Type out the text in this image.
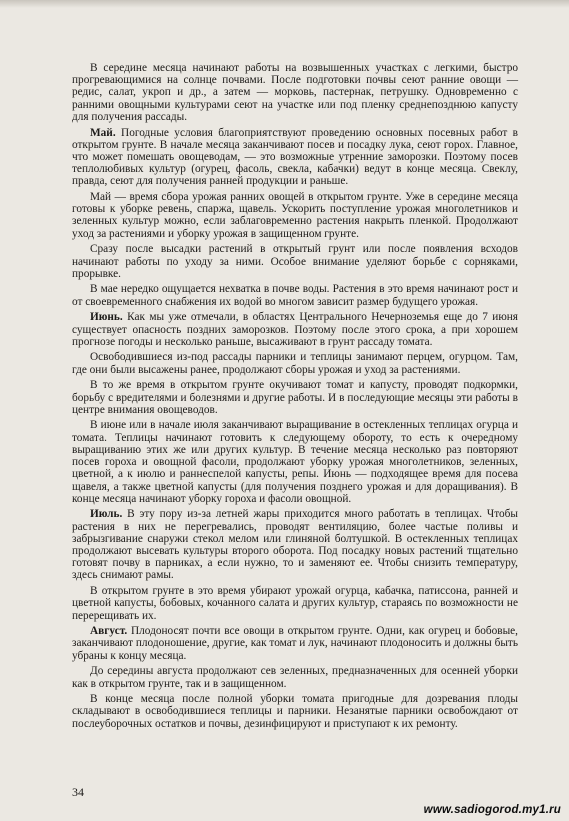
В середине месяца начинают работы на возвышенных участках с легкими, быстро прогревающимися на солнце почвами. После подготовки почвы сеют ранние овощи — редис, салат, укроп и др., а затем — морковь, пастернак, петрушку. Одновременно с ранними овощными культурами сеют на участке или под пленку среднепозднюю капусту для получения рассады.

Май. Погодные условия благоприятствуют проведению основных посевных работ в открытом грунте. В начале месяца заканчивают посев и посадку лука, сеют горох. Главное, что может помешать овощеводам, — это возможные утренние заморозки. Поэтому посев теплолюбивых культур (огурец, фасоль, свекла, кабачки) ведут в конце месяца. Свеклу, правда, сеют для получения ранней продукции и раньше.

Май — время сбора урожая ранних овощей в открытом грунте. Уже в середине месяца готовы к уборке ревень, спаржа, щавель. Ускорить поступление урожая многолетников и зеленных культур можно, если заблаговременно растения накрыть пленкой. Продолжают уход за растениями и уборку урожая в защищенном грунте.

Сразу после высадки растений в открытый грунт или после появления всходов начинают работы по уходу за ними. Особое внимание уделяют борьбе с сорняками, прорывке.

В мае нередко ощущается нехватка в почве воды. Растения в это время начинают рост и от своевременного снабжения их водой во многом зависит размер будущего урожая.

Июнь. Как мы уже отмечали, в областях Центрального Нечерноземья еще до 7 июня существует опасность поздних заморозков. Поэтому после этого срока, а при хорошем прогнозе погоды и несколько раньше, высаживают в грунт рассаду томата.

Освободившиеся из-под рассады парники и теплицы занимают перцем, огурцом. Там, где они были высажены ранее, продолжают сборы урожая и уход за растениями.

В то же время в открытом грунте окучивают томат и капусту, проводят подкормки, борьбу с вредителями и болезнями и другие работы. И в последующие месяцы эти работы в центре внимания овощеводов.

В июне или в начале июля заканчивают выращивание в остекленных теплицах огурца и томата. Теплицы начинают готовить к следующему обороту, то есть к очередному выращиванию этих же или других культур. В течение месяца несколько раз повторяют посев гороха и овощной фасоли, продолжают уборку урожая многолетников, зеленных, цветной, а к июлю и раннеспелой капусты, репы. Июнь — подходящее время для посева щавеля, а также цветной капусты (для получения позднего урожая и для доращивания). В конце месяца начинают уборку гороха и фасоли овощной.

Июль. В эту пору из-за летней жары приходится много работать в теплицах. Чтобы растения в них не перегревались, проводят вентиляцию, более частые поливы и забрызгивание снаружи стекол мелом или глиняной болтушкой. В остекленных теплицах продолжают высевать культуры второго оборота. Под посадку новых растений тщательно готовят почву в парниках, а если нужно, то и заменяют ее. Чтобы снизить температуру, здесь снимают рамы.

В открытом грунте в это время убирают урожай огурца, кабачка, патиссона, ранней и цветной капусты, бобовых, кочанного салата и других культур, стараясь по возможности не перерещивать их.

Август. Плодоносят почти все овощи в открытом грунте. Одни, как огурец и бобовые, заканчивают плодоношение, другие, как томат и лук, начинают плодоносить и должны быть убраны к концу месяца.

До середины августа продолжают сев зеленных, предназначенных для осенней уборки как в открытом грунте, так и в защищенном.

В конце месяца после полной уборки томата пригодные для дозревания плоды складывают в освободившиеся теплицы и парники. Незанятые парники освобождают от послеуборочных остатков и почвы, дезинфицируют и приступают к их ремонту.

34
www.sadiogorod.my1.ru
